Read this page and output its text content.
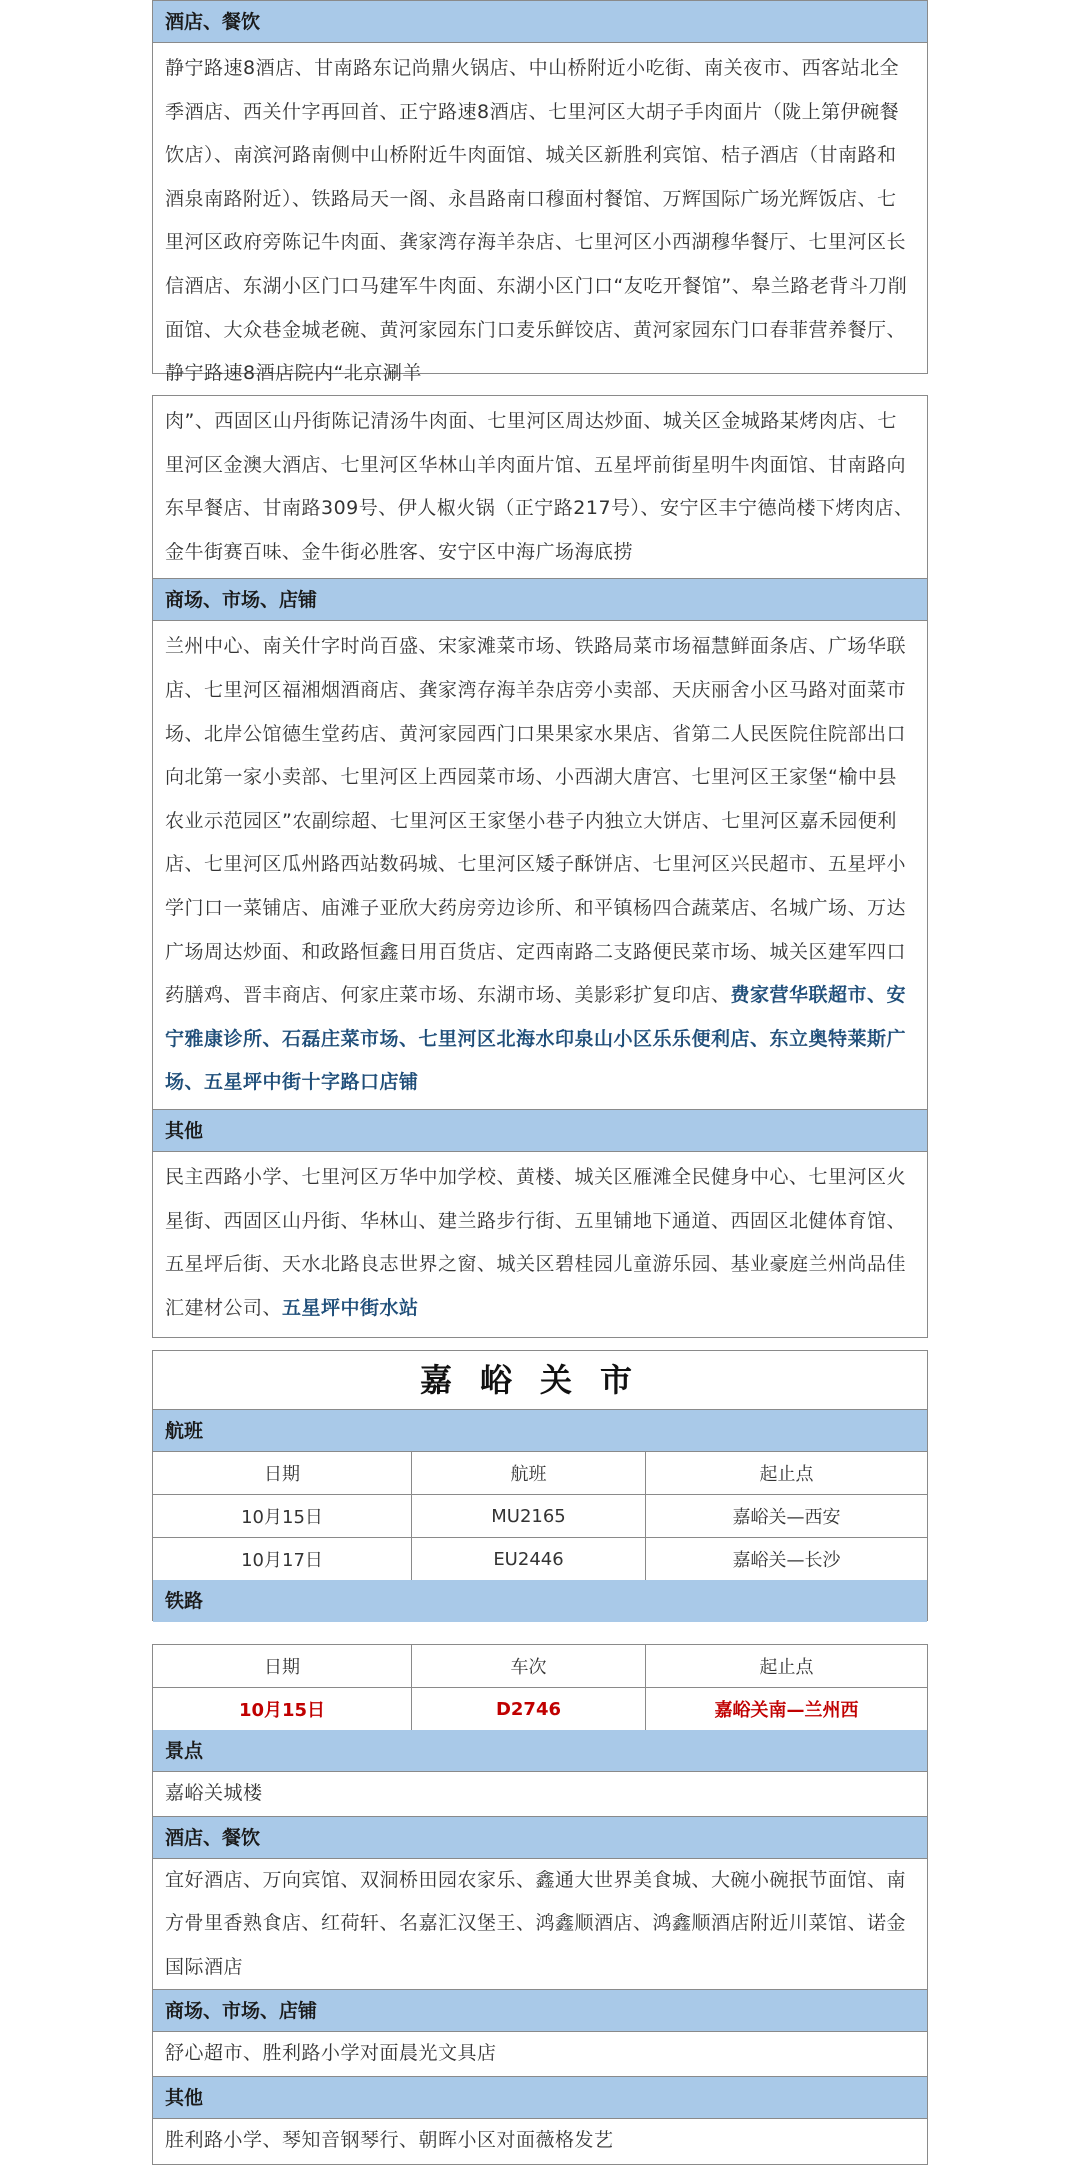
酒店、餐饮
静宁路速8酒店、甘南路东记尚鼎火锅店、中山桥附近小吃街、南关夜市、西客站北全季酒店、西关什字再回首、正宁路速8酒店、七里河区大胡子手肉面片（陇上第伊碗餐饮店）、南滨河路南侧中山桥附近牛肉面馆、城关区新胜利宾馆、桔子酒店（甘南路和酒泉南路附近）、铁路局天一阁、永昌路南口穆面村餐馆、万辉国际广场光辉饭店、七里河区政府旁陈记牛肉面、龚家湾存海羊杂店、七里河区小西湖穆华餐厅、七里河区长信酒店、东湖小区门口马建军牛肉面、东湖小区门口“友吃开餐馆”、皋兰路老背斗刀削面馆、大众巷金城老碗、黄河家园东门口麦乐鲜饺店、黄河家园东门口春菲营养餐厅、静宁路速8酒店院内“北京涮羊
肉”、西固区山丹街陈记清汤牛肉面、七里河区周达炒面、城关区金城路某烤肉店、七里河区金澳大酒店、七里河区华林山羊肉面片馆、五星坪前街星明牛肉面馆、甘南路向东早餐店、甘南路309号、伊人椒火锅（正宁路217号）、安宁区丰宁德尚楼下烤肉店、金牛街赛百味、金牛街必胜客、安宁区中海广场海底捞
商场、市场、店铺
兰州中心、南关什字时尚百盛、宋家滩菜市场、铁路局菜市场福慧鲜面条店、广场华联店、七里河区福湘烟酒商店、龚家湾存海羊杂店旁小卖部、天庆丽舍小区马路对面菜市场、北岸公馆德生堂药店、黄河家园西门口果果家水果店、省第二人民医院住院部出口向北第一家小卖部、七里河区上西园菜市场、小西湖大唐宫、七里河区王家堡“榆中县农业示范园区”农副综超、七里河区王家堡小巷子内独立大饼店、七里河区嘉禾园便利店、七里河区瓜州路西站数码城、七里河区矮子酥饼店、七里河区兴民超市、五星坪小学门口一菜铺店、庙滩子亚欣大药房旁边诊所、和平镇杨四合蔬菜店、名城广场、万达广场周达炒面、和政路恒鑫日用百货店、定西南路二支路便民菜市场、城关区建军四口药膳鸡、晋丰商店、何家庄菜市场、东湖市场、美影彩扩复印店、费家营华联超市、安宁雅康诊所、石磊庄菜市场、七里河区北海水印泉山小区乐乐便利店、东立奥特莱斯广场、五星坪中街十字路口店铺
其他
民主西路小学、七里河区万华中加学校、黄楼、城关区雁滩全民健身中心、七里河区火星街、西固区山丹街、华林山、建兰路步行街、五里铺地下通道、西固区北健体育馆、五星坪后街、天水北路良志世界之窗、城关区碧桂园儿童游乐园、基业豪庭兰州尚品佳汇建材公司、五星坪中街水站
嘉峪关市
航班
日期	航班	起止点
10月15日	MU2165	嘉峪关—西安
10月17日	EU2446	嘉峪关—长沙
铁路
日期	车次	起止点
10月15日	D2746	嘉峪关南—兰州西
景点
嘉峪关城楼
酒店、餐饮
宜好酒店、万向宾馆、双洞桥田园农家乐、鑫通大世界美食城、大碗小碗抿节面馆、南方骨里香熟食店、红荷轩、名嘉汇汉堡王、鸿鑫顺酒店、鸿鑫顺酒店附近川菜馆、诺金国际酒店
商场、市场、店铺
舒心超市、胜利路小学对面晨光文具店
其他
胜利路小学、琴知音钢琴行、朝晖小区对面薇格发艺
